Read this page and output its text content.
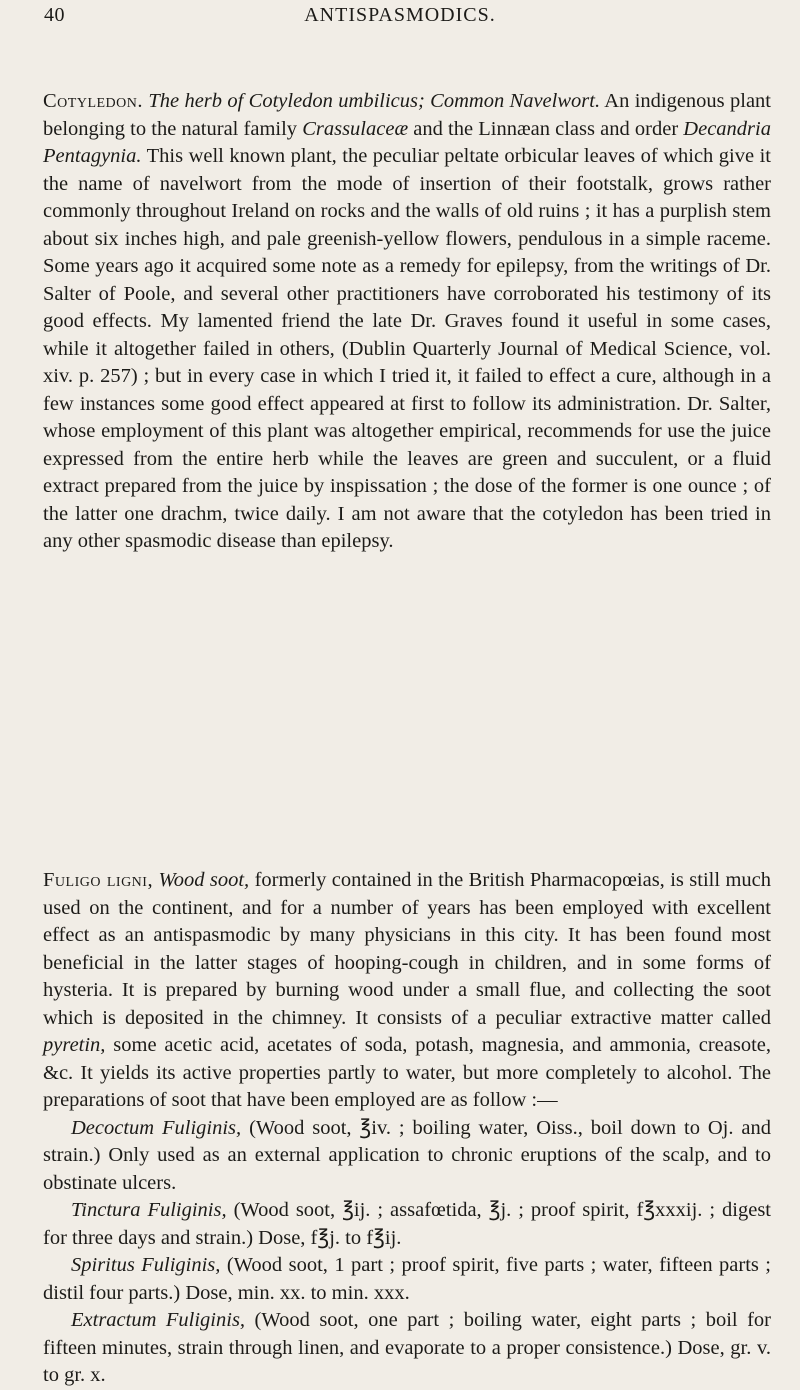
40	ANTISPASMODICS.

Cotyledon. The herb of Cotyledon umbilicus; Common Navelwort. An indigenous plant belonging to the natural family Crassulaceæ and the Linnæan class and order Decandria Pentagynia. This well known plant, the peculiar peltate orbicular leaves of which give it the name of navelwort from the mode of insertion of their footstalk, grows rather commonly throughout Ireland on rocks and the walls of old ruins ; it has a purplish stem about six inches high, and pale greenish-yellow flowers, pendulous in a simple raceme. Some years ago it acquired some note as a remedy for epilepsy, from the writings of Dr. Salter of Poole, and several other practitioners have corroborated his testimony of its good effects. My lamented friend the late Dr. Graves found it useful in some cases, while it altogether failed in others, (Dublin Quarterly Journal of Medical Science, vol. xiv. p. 257) ; but in every case in which I tried it, it failed to effect a cure, although in a few instances some good effect appeared at first to follow its administration. Dr. Salter, whose employment of this plant was altogether empirical, recommends for use the juice expressed from the entire herb while the leaves are green and succulent, or a fluid extract prepared from the juice by inspissation ; the dose of the former is one ounce ; of the latter one drachm, twice daily. I am not aware that the cotyledon has been tried in any other spasmodic disease than epilepsy.

Fuligo ligni, Wood soot, formerly contained in the British Pharmacopœias, is still much used on the continent, and for a number of years has been employed with excellent effect as an antispasmodic by many physicians in this city. It has been found most beneficial in the latter stages of hooping-cough in children, and in some forms of hysteria. It is prepared by burning wood under a small flue, and collecting the soot which is deposited in the chimney. It consists of a peculiar extractive matter called pyretin, some acetic acid, acetates of soda, potash, magnesia, and ammonia, creasote, &c. It yields its active properties partly to water, but more completely to alcohol. The preparations of soot that have been employed are as follow :—

Decoctum Fuliginis, (Wood soot, ℥iv. ; boiling water, Oiss., boil down to Oj. and strain.) Only used as an external application to chronic eruptions of the scalp, and to obstinate ulcers.

Tinctura Fuliginis, (Wood soot, ℥ij. ; assafœtida, ℥j. ; proof spirit, f℥xxxij. ; digest for three days and strain.) Dose, f℥j. to f℥ij.

Spiritus Fuliginis, (Wood soot, 1 part ; proof spirit, five parts ; water, fifteen parts ; distil four parts.) Dose, min. xx. to min. xxx.

Extractum Fuliginis, (Wood soot, one part ; boiling water, eight parts ; boil for fifteen minutes, strain through linen, and evaporate to a proper consistence.) Dose, gr. v. to gr. x.
